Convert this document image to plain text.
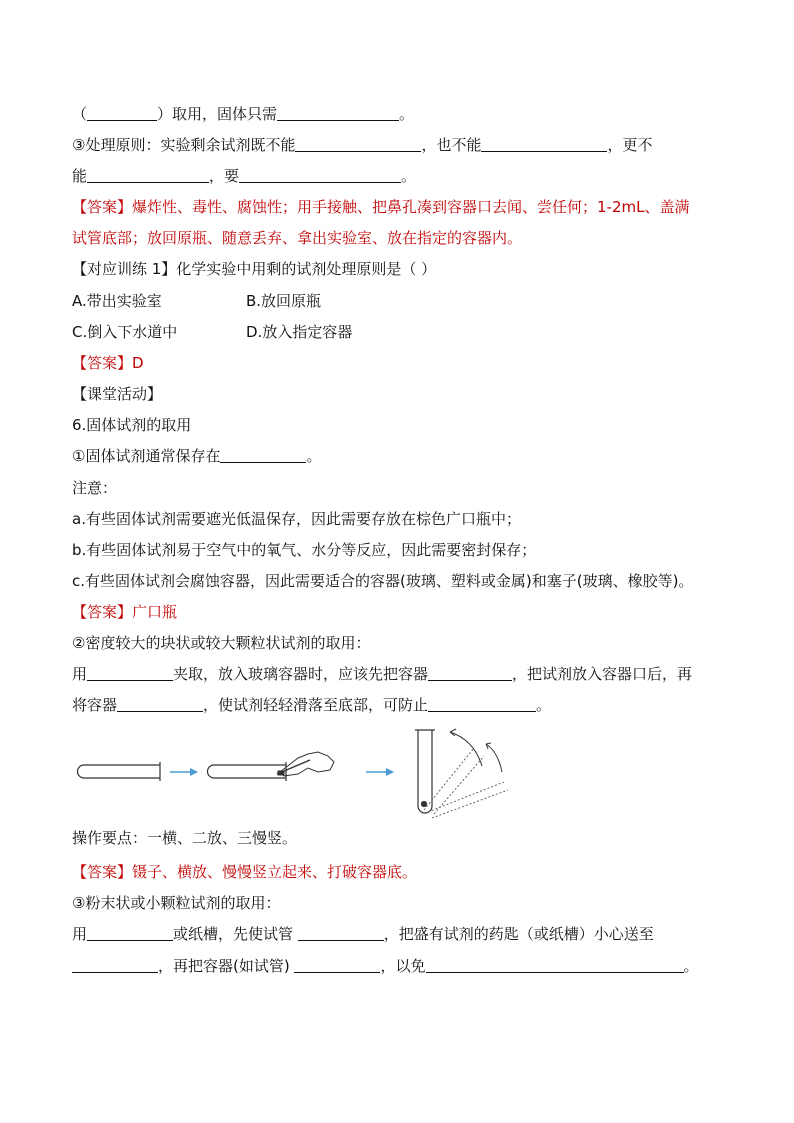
（	）取用，固体只需	。
③处理原则：实验剩余试剂既不能	，也不能	，更不
能	，要	。
【答案】爆炸性、毒性、腐蚀性；用手接触、把鼻孔凑到容器口去闻、尝任何；1-2mL、盖满
试管底部；放回原瓶、随意丢弃、拿出实验室、放在指定的容器内。
【对应训练 1】化学实验中用剩的试剂处理原则是（ ）
A.带出实验室	B.放回原瓶
C.倒入下水道中	D.放入指定容器
【答案】D
【课堂活动】
6.固体试剂的取用
①固体试剂通常保存在	。
注意：
a.有些固体试剂需要遮光低温保存，因此需要存放在棕色广口瓶中；
b.有些固体试剂易于空气中的氧气、水分等反应，因此需要密封保存；
c.有些固体试剂会腐蚀容器，因此需要适合的容器(玻璃、塑料或金属)和塞子(玻璃、橡胶等)。
【答案】广口瓶
②密度较大的块状或较大颗粒状试剂的取用：
用	夹取，放入玻璃容器时，应该先把容器	，把试剂放入容器口后，再
将容器	，使试剂轻轻滑落至底部，可防止	。
操作要点：一横、二放、三慢竖。
【答案】镊子、横放、慢慢竖立起来、打破容器底。
③粉末状或小颗粒试剂的取用：
用	或纸槽，先使试管	，把盛有试剂的药匙（或纸槽）小心送至
，再把容器(如试管)	，以免	。
